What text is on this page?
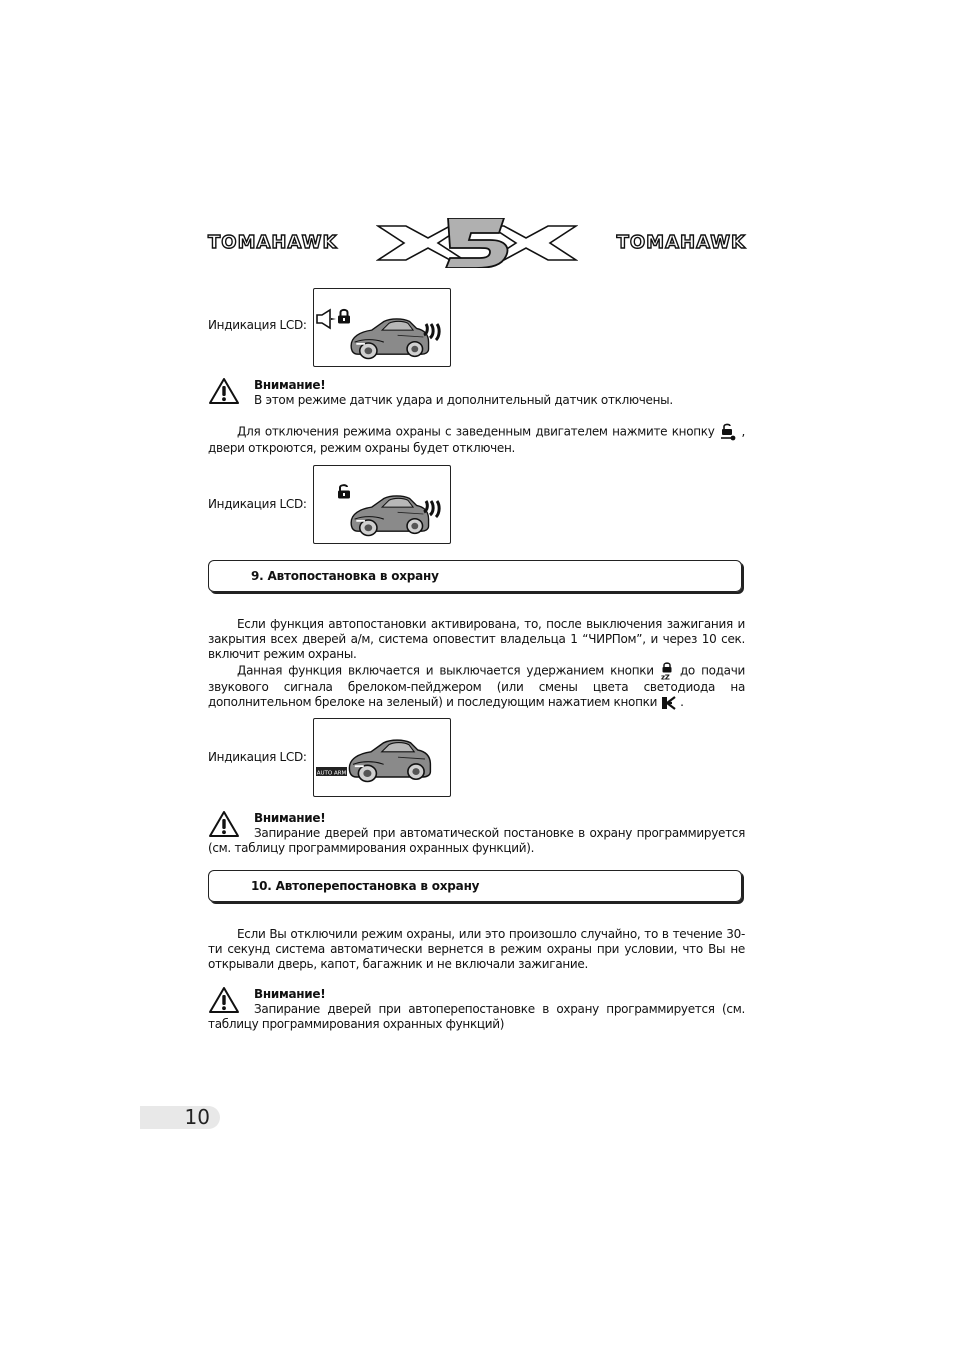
TOMAHAWK	TOMAHAWK
Индикация LCD:
Внимание!
В этом режиме датчик удара и дополнительный датчик отключены.
Для отключения режима охраны с заведенным двигателем нажмите кнопку , двери откроются, режим охраны будет отключен.
Индикация LCD:
9. Автопостановка в охрану
Если функция автопостановки активирована, то, после выключения зажигания и закрытия всех дверей а/м, система оповестит владельца 1 “ЧИРПом”, и через 10 сек. включит режим охраны.
Данная функция включается и выключается удержанием кнопки zZ до подачи звукового сигнала брелоком-пейджером (или смены цвета светодиода на дополнительном брелоке на зеленый) и последующим нажатием кнопки .
Индикация LCD:
AUTO ARM
Внимание!
Запирание дверей при автоматической постановке в охрану программируется (см. таблицу программирования охранных функций).
10. Автоперепостановка в охрану
Если Вы отключили режим охраны, или это произошло случайно, то в течение 30-ти секунд система автоматически вернется в режим охраны при условии, что Вы не открывали дверь, капот, багажник и не включали зажигание.
Внимание!
Запирание дверей при автоперепостановке в охрану программируется (см. таблицу программирования охранных функций)
10
